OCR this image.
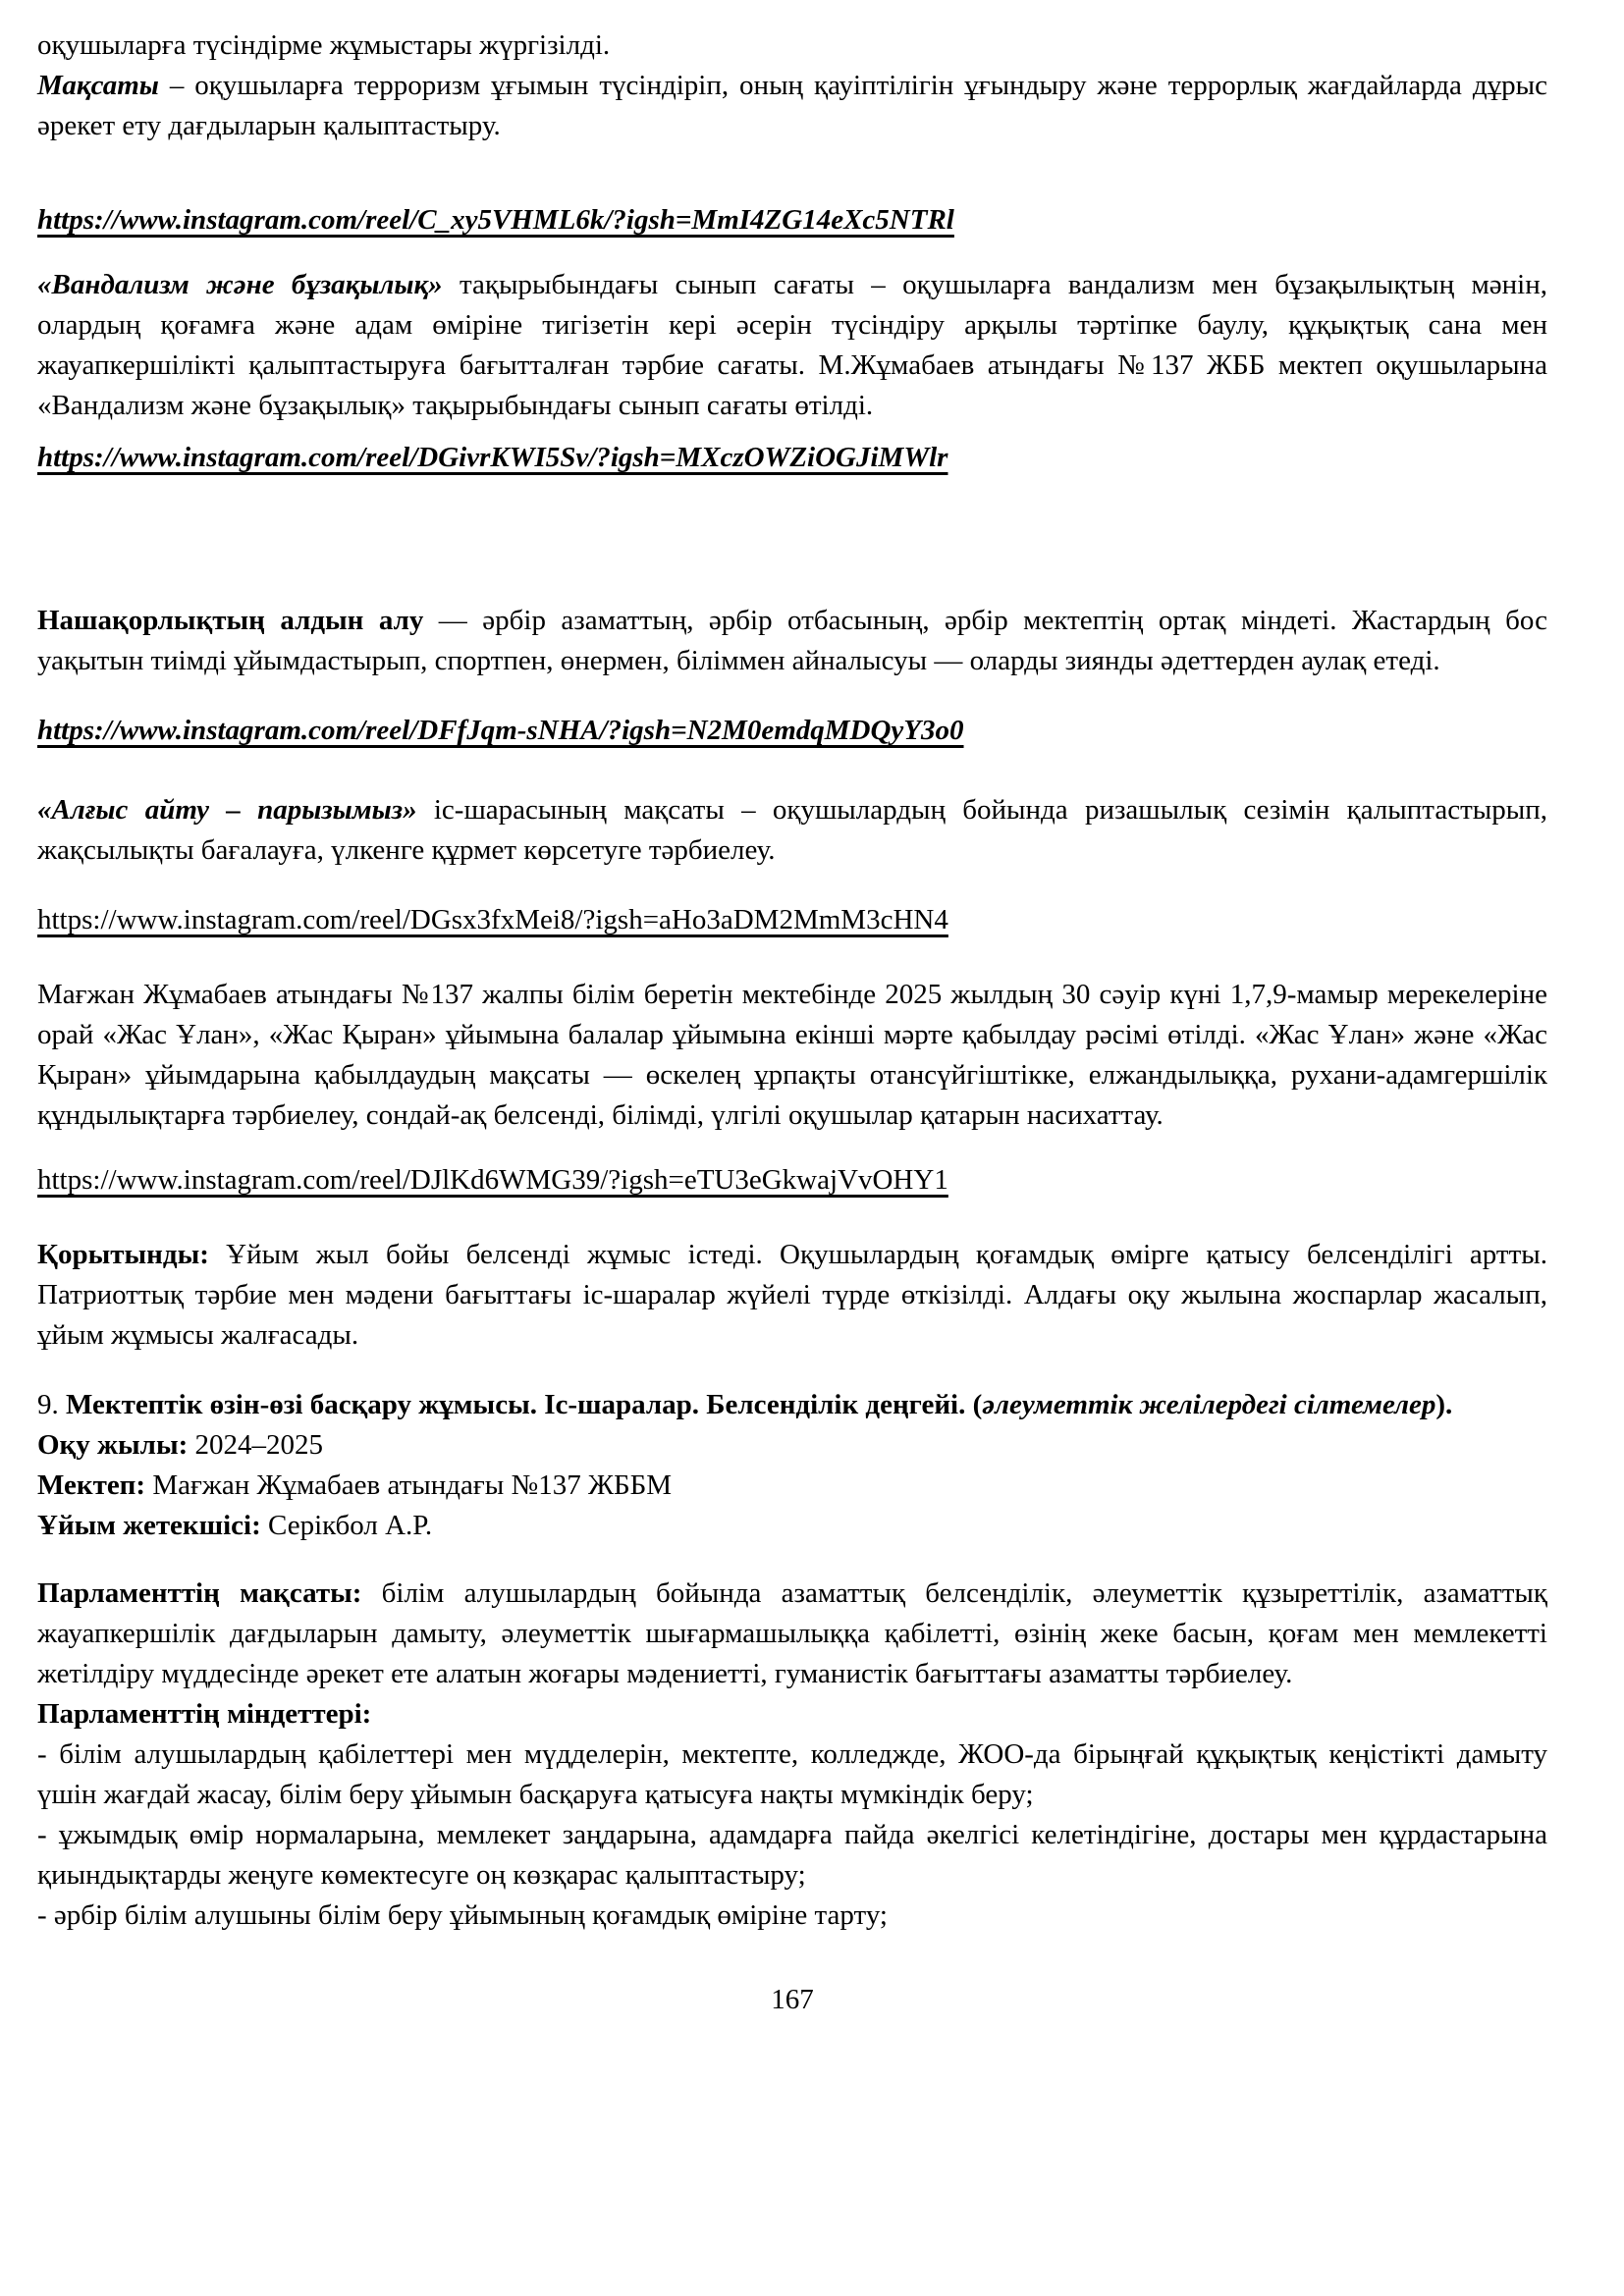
оқушыларға түсіндірме жұмыстары жүргізілді.

Мақсаты – оқушыларға терроризм ұғымын түсіндіріп, оның қауіптілігін ұғындыру және террорлық жағдайларда дұрыс әрекет ету дағдыларын қалыптастыру.

https://www.instagram.com/reel/C_xy5VHML6k/?igsh=MmI4ZG14eXc5NTRl

«Вандализм және бұзақылық» тақырыбындағы сынып сағаты – оқушыларға вандализм мен бұзақылықтың мәнін, олардың қоғамға және адам өміріне тигізетін кері әсерін түсіндіру арқылы тәртіпке баулу, құқықтық сана мен жауапкершілікті қалыптастыруға бағытталған тәрбие сағаты. М.Жұмабаев атындағы №137 ЖББ мектеп оқушыларына «Вандализм және бұзақылық» тақырыбындағы сынып сағаты өтілді.

https://www.instagram.com/reel/DGivrKWI5Sv/?igsh=MXczOWZiOGJiMWlr

Нашақорлықтың алдын алу — әрбір азаматтың, әрбір отбасының, әрбір мектептің ортақ міндеті. Жастардың бос уақытын тиімді ұйымдастырып, спортпен, өнермен, біліммен айналысуы — оларды зиянды әдеттерден аулақ етеді.

https://www.instagram.com/reel/DFfJqm-sNHA/?igsh=N2M0emdqMDQyY3o0

«Алғыс айту – парызымыз» іс-шарасының мақсаты – оқушылардың бойында ризашылық сезімін қалыптастырып, жақсылықты бағалауға, үлкенге құрмет көрсетуге тәрбиелеу.

https://www.instagram.com/reel/DGsx3fxMei8/?igsh=aHo3aDM2MmM3cHN4

Мағжан Жұмабаев атындағы №137 жалпы білім беретін мектебінде 2025 жылдың 30 сәуір күні 1,7,9-мамыр мерекелеріне орай «Жас Ұлан», «Жас Қыран» ұйымына балалар ұйымына екінші мәрте қабылдау рәсімі өтілді. «Жас Ұлан» және «Жас Қыран» ұйымдарына қабылдаудың мақсаты — өскелең ұрпақты отансүйгіштікке, елжандылыққа, рухани-адамгершілік құндылықтарға тәрбиелеу, сондай-ақ белсенді, білімді, үлгілі оқушылар қатарын насихаттау.

https://www.instagram.com/reel/DJlKd6WMG39/?igsh=eTU3eGkwajVvOHY1

Қорытынды: Ұйым жыл бойы белсенді жұмыс істеді. Оқушылардың қоғамдық өмірге қатысу белсенділігі артты. Патриоттық тәрбие мен мәдени бағыттағы іс-шаралар жүйелі түрде өткізілді. Алдағы оқу жылына жоспарлар жасалып, ұйым жұмысы жалғасады.

9. Мектептік өзін-өзі басқару жұмысы. Іс-шаралар. Белсенділік деңгейі. (әлеуметтік желілердегі сілтемелер).

Оқу жылы: 2024–2025

Мектеп: Мағжан Жұмабаев атындағы №137 ЖББМ

Ұйым жетекшісі: Серікбол А.Р.

Парламенттің мақсаты: білім алушылардың бойында азаматтық белсенділік, әлеуметтік құзыреттілік, азаматтық жауапкершілік дағдыларын дамыту, әлеуметтік шығармашылыққа қабілетті, өзінің жеке басын, қоғам мен мемлекетті жетілдіру мүддесінде әрекет ете алатын жоғары мәдениетті, гуманистік бағыттағы азаматты тәрбиелеу.

Парламенттің міндеттері:

- білім алушылардың қабілеттері мен мүдделерін, мектепте, колледжде, ЖОО-да бірыңғай құқықтық кеңістікті дамыту үшін жағдай жасау, білім беру ұйымын басқаруға қатысуға нақты мүмкіндік беру;

- ұжымдық өмір нормаларына, мемлекет заңдарына, адамдарға пайда әкелгісі келетіндігіне, достары мен құрдастарына қиындықтарды жеңуге көмектесуге оң көзқарас қалыптастыру;

- әрбір білім алушыны білім беру ұйымының қоғамдық өміріне тарту;

167
